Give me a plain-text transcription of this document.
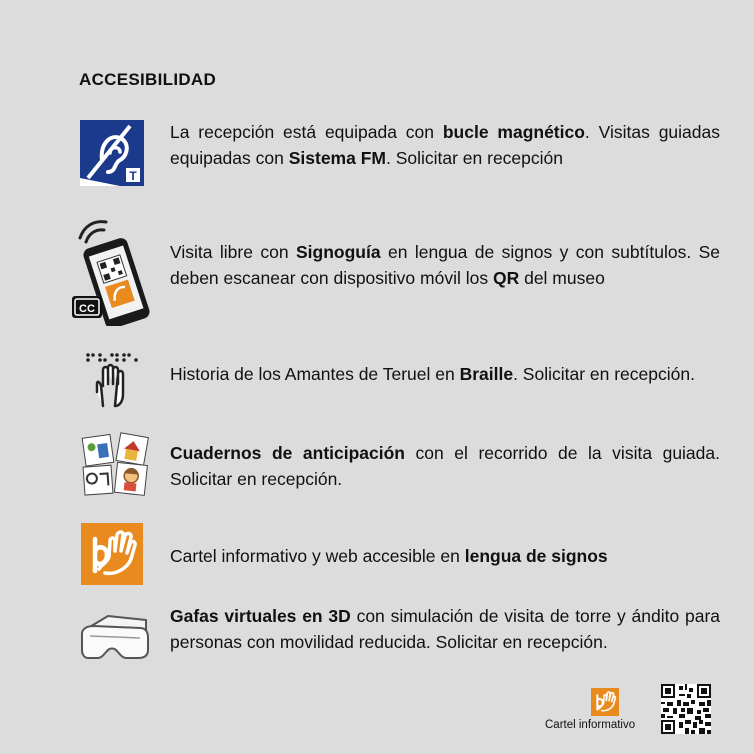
ACCESIBILIDAD
T

La recepción está equipada con bucle magnético. Visitas guiadas equipadas con Sistema FM. Solicitar en recepción

CC

Visita libre con Signoguía en lengua de signos y con subtítulos. Se deben escanear con dispositivo móvil los QR del museo

Historia de los Amantes de Teruel en Braille. Solicitar en recepción.

Cuadernos de anticipación con el recorrido de la visita guiada. Solicitar en recepción.

Cartel informativo y web accesible en lengua de signos

Gafas virtuales en 3D con simulación de visita de torre y ándito para personas con movilidad reducida. Solicitar en recepción.

Cartel informativo
